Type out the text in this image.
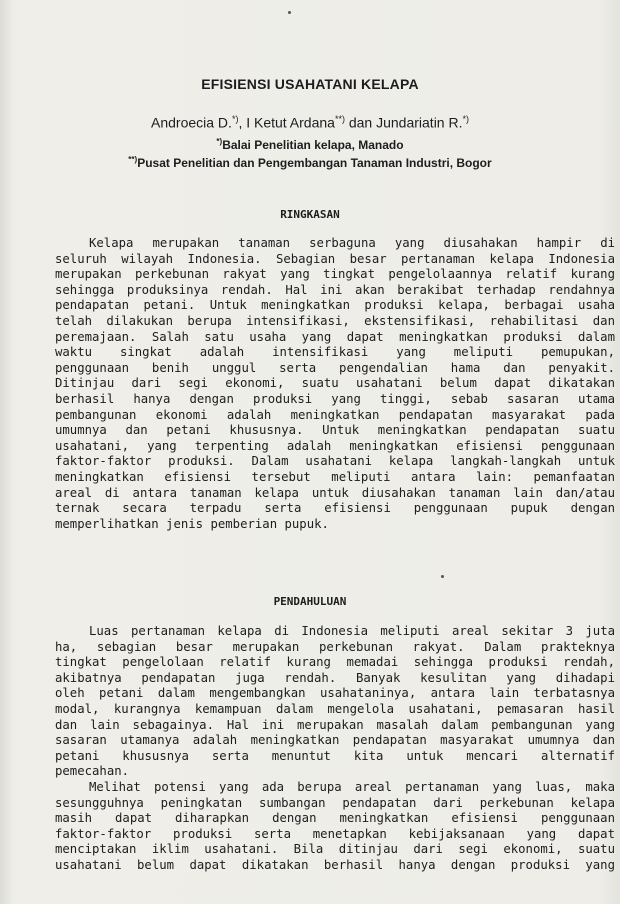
EFISIENSI USAHATANI KELAPA
Androecia D.*), I Ketut Ardana**) dan Jundariatin R.*)
*)Balai Penelitian kelapa, Manado
**)Pusat Penelitian dan Pengembangan Tanaman Industri, Bogor
RINGKASAN
Kelapa merupakan tanaman serbaguna yang diusahakan hampir di
seluruh wilayah Indonesia. Sebagian besar pertanaman kelapa Indonesia
merupakan perkebunan rakyat yang tingkat pengelolaannya relatif kurang
sehingga produksinya rendah. Hal ini akan berakibat terhadap rendahnya
pendapatan petani. Untuk meningkatkan produksi kelapa, berbagai usaha
telah dilakukan berupa intensifikasi, ekstensifikasi, rehabilitasi dan
peremajaan. Salah satu usaha yang dapat meningkatkan produksi dalam
waktu singkat adalah intensifikasi yang meliputi pemupukan,
penggunaan benih unggul serta pengendalian hama dan penyakit.
Ditinjau dari segi ekonomi, suatu usahatani belum dapat dikatakan
berhasil hanya dengan produksi yang tinggi, sebab sasaran utama
pembangunan ekonomi adalah meningkatkan pendapatan masyarakat pada
umumnya dan petani khususnya. Untuk meningkatkan pendapatan suatu
usahatani, yang terpenting adalah meningkatkan efisiensi penggunaan
faktor-faktor produksi. Dalam usahatani kelapa langkah-langkah untuk
meningkatkan efisiensi tersebut meliputi antara lain: pemanfaatan
areal di antara tanaman kelapa untuk diusahakan tanaman lain dan/atau
ternak secara terpadu serta efisiensi penggunaan pupuk dengan
memperlihatkan jenis pemberian pupuk.
PENDAHULUAN
Luas pertanaman kelapa di Indonesia meliputi areal sekitar 3 juta
ha, sebagian besar merupakan perkebunan rakyat. Dalam prakteknya
tingkat pengelolaan relatif kurang memadai sehingga produksi rendah,
akibatnya pendapatan juga rendah. Banyak kesulitan yang dihadapi
oleh petani dalam mengembangkan usahataninya, antara lain terbatasnya
modal, kurangnya kemampuan dalam mengelola usahatani, pemasaran hasil
dan lain sebagainya. Hal ini merupakan masalah dalam pembangunan yang
sasaran utamanya adalah meningkatkan pendapatan masyarakat umumnya dan
petani khususnya serta menuntut kita untuk mencari alternatif
pemecahan.
Melihat potensi yang ada berupa areal pertanaman yang luas, maka
sesungguhnya peningkatan sumbangan pendapatan dari perkebunan kelapa
masih dapat diharapkan dengan meningkatkan efisiensi penggunaan
faktor-faktor produksi serta menetapkan kebijaksanaan yang dapat
menciptakan iklim usahatani. Bila ditinjau dari segi ekonomi, suatu
usahatani belum dapat dikatakan berhasil hanya dengan produksi yang
